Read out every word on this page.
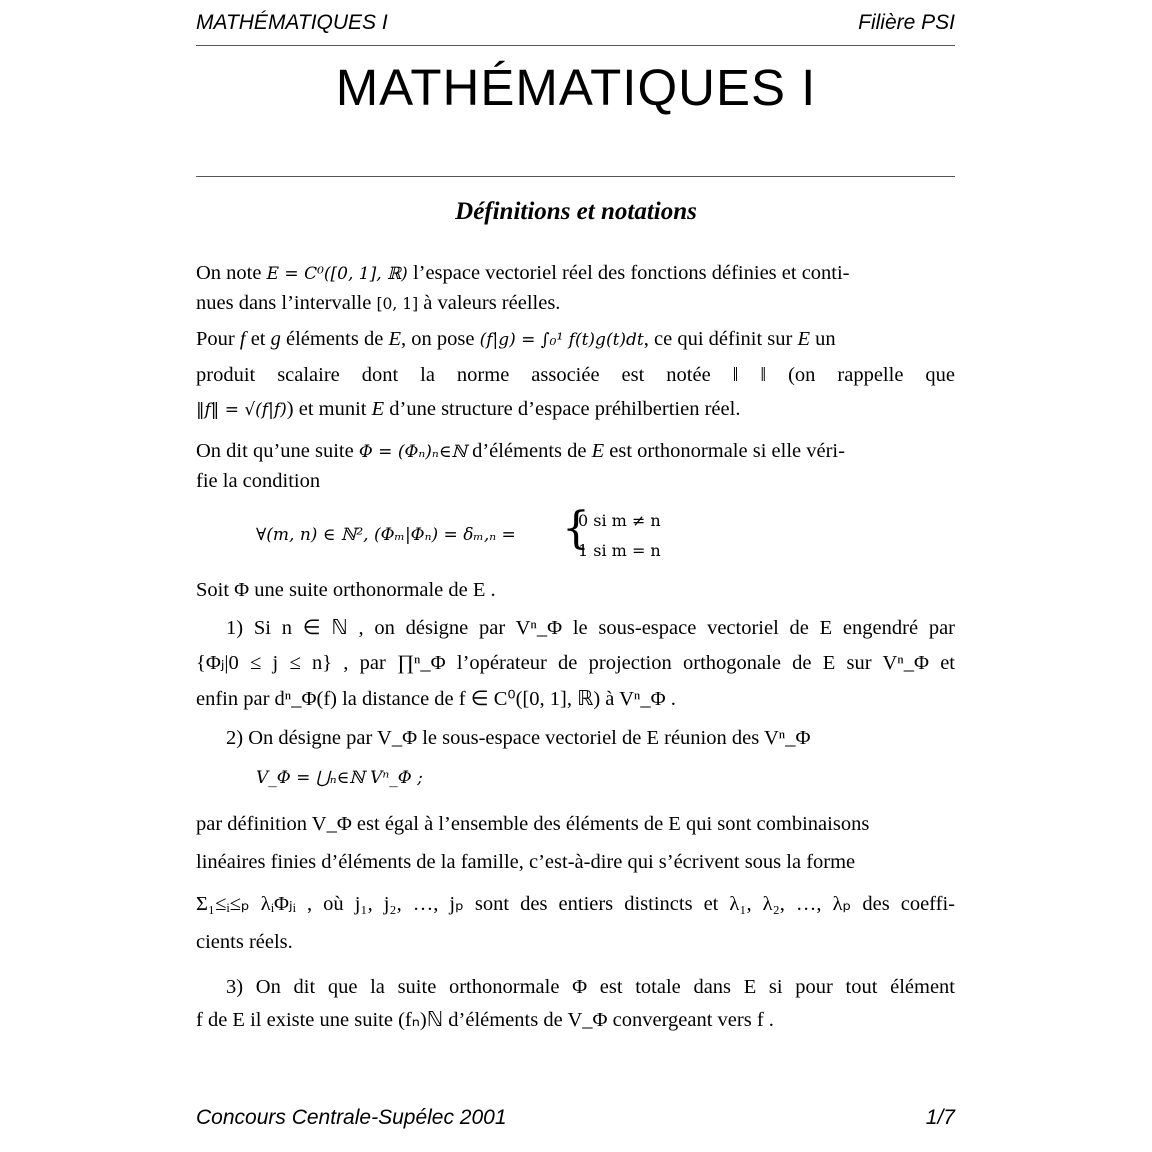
MATHÉMATIQUES I	Filière PSI
MATHÉMATIQUES I
Définitions et notations
On note E = C⁰([0, 1], ℝ) l’espace vectoriel réel des fonctions définies et conti-
nues dans l’intervalle [0, 1] à valeurs réelles.
Pour f et g éléments de E, on pose (f|g) = ∫₀¹ f(t)g(t)dt, ce qui définit sur E un
produit scalaire dont la norme associée est notée ‖ ‖ (on rappelle que
‖f‖ = √(f|f)) et munit E d’une structure d’espace préhilbertien réel.
On dit qu’une suite Φ = (Φₙ)ₙ∈ℕ d’éléments de E est orthonormale si elle véri-
fie la condition
∀(m, n) ∈ ℕ², (Φₘ|Φₙ) = δₘ,ₙ = {
0 si m ≠ n
1 si m = n
Soit Φ une suite orthonormale de E .
1) Si n ∈ ℕ , on désigne par Vⁿ_Φ le sous-espace vectoriel de E engendré par
{Φⱼ|0 ≤ j ≤ n} , par ∏ⁿ_Φ l’opérateur de projection orthogonale de E sur Vⁿ_Φ et
enfin par dⁿ_Φ(f) la distance de f ∈ C⁰([0, 1], ℝ) à Vⁿ_Φ .
2) On désigne par V_Φ le sous-espace vectoriel de E réunion des Vⁿ_Φ
V_Φ = ⋃ₙ∈ℕ Vⁿ_Φ ;
par définition V_Φ est égal à l’ensemble des éléments de E qui sont combinaisons
linéaires finies d’éléments de la famille, c’est-à-dire qui s’écrivent sous la forme
Σ₁≤ᵢ≤ₚ λᵢΦⱼᵢ , où j₁, j₂, …, jₚ sont des entiers distincts et λ₁, λ₂, …, λₚ des coeffi-
cients réels.
3) On dit que la suite orthonormale Φ est totale dans E si pour tout élément
f de E il existe une suite (fₙ)ℕ d’éléments de V_Φ convergeant vers f .
Concours Centrale-Supélec 2001	1/7
